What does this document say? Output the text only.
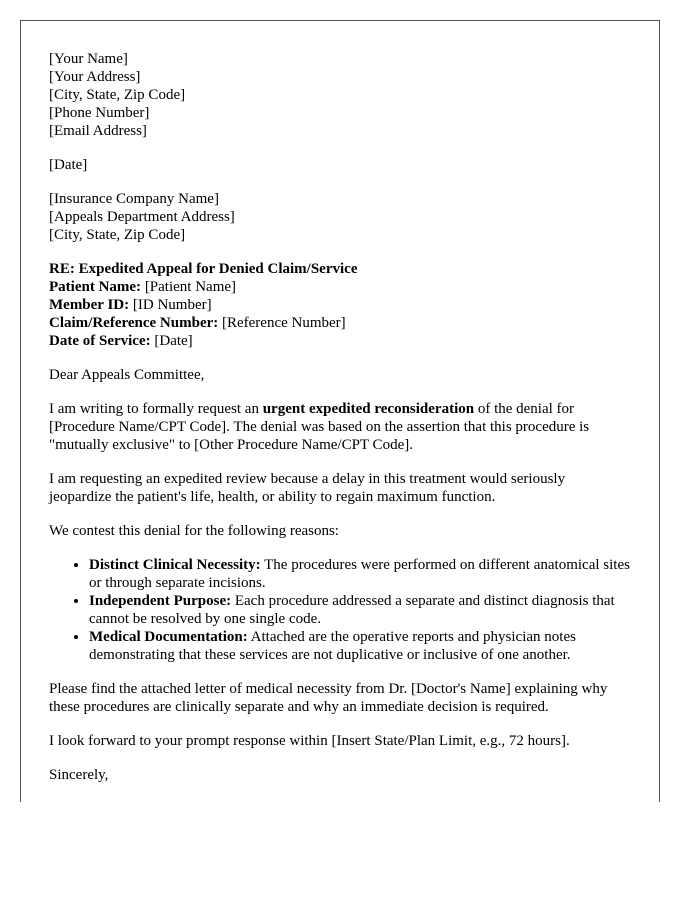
[Your Name]
[Your Address]
[City, State, Zip Code]
[Phone Number]
[Email Address]
[Date]
[Insurance Company Name]
[Appeals Department Address]
[City, State, Zip Code]
RE: Expedited Appeal for Denied Claim/Service
Patient Name: [Patient Name]
Member ID: [ID Number]
Claim/Reference Number: [Reference Number]
Date of Service: [Date]

Dear Appeals Committee,

I am writing to formally request an urgent expedited reconsideration of the denial for [Procedure Name/CPT Code]. The denial was based on the assertion that this procedure is "mutually exclusive" to [Other Procedure Name/CPT Code].

I am requesting an expedited review because a delay in this treatment would seriously jeopardize the patient's life, health, or ability to regain maximum function.

We contest this denial for the following reasons:

• Distinct Clinical Necessity: The procedures were performed on different anatomical sites or through separate incisions.
• Independent Purpose: Each procedure addressed a separate and distinct diagnosis that cannot be resolved by one single code.
• Medical Documentation: Attached are the operative reports and physician notes demonstrating that these services are not duplicative or inclusive of one another.

Please find the attached letter of medical necessity from Dr. [Doctor's Name] explaining why these procedures are clinically separate and why an immediate decision is required.

I look forward to your prompt response within [Insert State/Plan Limit, e.g., 72 hours].

Sincerely,
